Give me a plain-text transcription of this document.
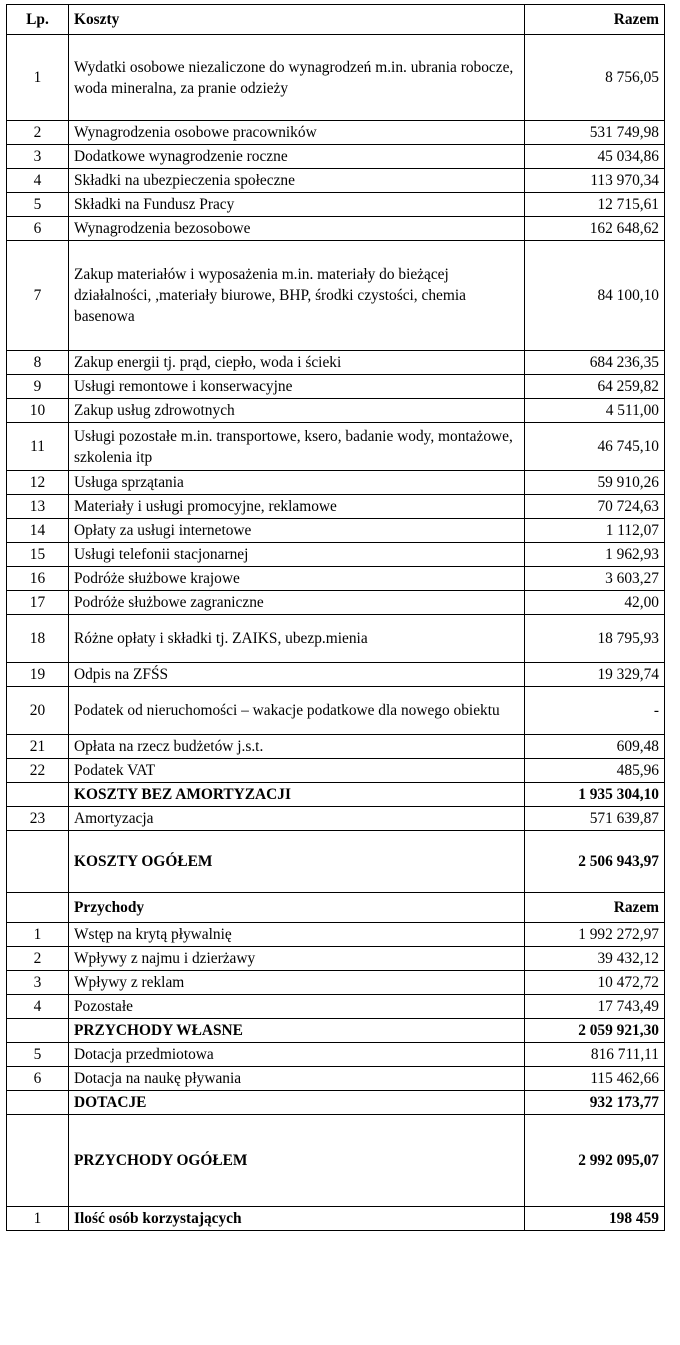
Lp.	Koszty	Razem
1	Wydatki osobowe niezaliczone do wynagrodzeń m.in. ubrania robocze, woda mineralna, za pranie odzieży	8 756,05
2	Wynagrodzenia osobowe pracowników	531 749,98
3	Dodatkowe wynagrodzenie roczne	45 034,86
4	Składki na ubezpieczenia społeczne	113 970,34
5	Składki na Fundusz Pracy	12 715,61
6	Wynagrodzenia bezosobowe	162 648,62
7	Zakup materiałów i wyposażenia m.in. materiały do bieżącej działalności, ,materiały biurowe, BHP, środki czystości, chemia basenowa	84 100,10
8	Zakup energii tj. prąd, ciepło, woda i ścieki	684 236,35
9	Usługi remontowe i konserwacyjne	64 259,82
10	Zakup usług zdrowotnych	4 511,00
11	Usługi pozostałe m.in. transportowe, ksero, badanie wody, montażowe, szkolenia itp	46 745,10
12	Usługa sprzątania	59 910,26
13	Materiały i usługi promocyjne, reklamowe	70 724,63
14	Opłaty za usługi internetowe	1 112,07
15	Usługi telefonii stacjonarnej	1 962,93
16	Podróże służbowe krajowe	3 603,27
17	Podróże służbowe zagraniczne	42,00
18	Różne opłaty i składki tj. ZAIKS, ubezp.mienia	18 795,93
19	Odpis na ZFŚS	19 329,74
20	Podatek od nieruchomości – wakacje podatkowe dla nowego obiektu	-
21	Opłata na rzecz budżetów j.s.t.	609,48
22	Podatek VAT	485,96
	KOSZTY BEZ AMORTYZACJI	1 935 304,10
23	Amortyzacja	571 639,87
	KOSZTY OGÓŁEM	2 506 943,97
	Przychody	Razem
1	Wstęp na krytą pływalnię	1 992 272,97
2	Wpływy z najmu i dzierżawy	39 432,12
3	Wpływy z reklam	10 472,72
4	Pozostałe	17 743,49
	PRZYCHODY WŁASNE	2 059 921,30
5	Dotacja przedmiotowa	816 711,11
6	Dotacja na naukę pływania	115 462,66
	DOTACJE	932 173,77
	PRZYCHODY OGÓŁEM	2 992 095,07
1	Ilość osób korzystających	198 459
